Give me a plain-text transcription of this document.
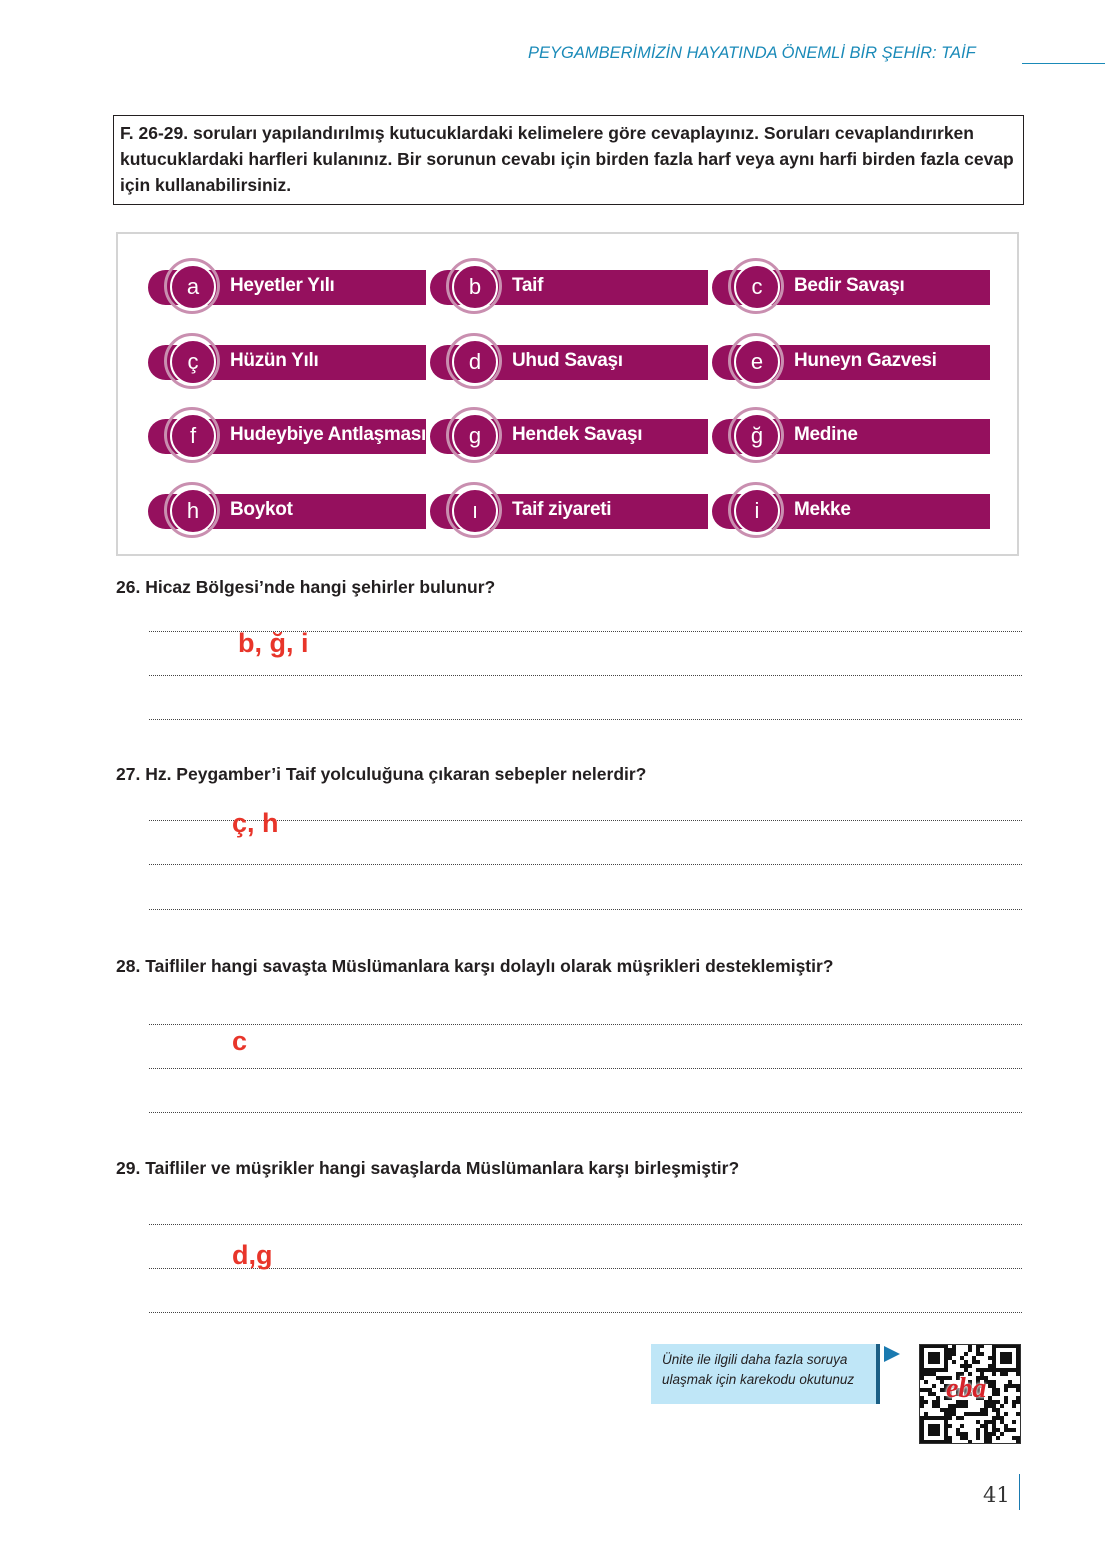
PEYGAMBERİMİZİN HAYATINDA ÖNEMLİ BİR ŞEHİR: TAİF
F. 26-29. soruları yapılandırılmış kutucuklardaki kelimelere göre cevaplayınız. Soruları cevaplandırırken kutucuklardaki harfleri kulanınız. Bir sorunun cevabı için birden fazla harf veya aynı harfi birden fazla cevap için kullanabilirsiniz.
a	Heyetler Yılı	b	Taif	c	Bedir Savaşı
ç	Hüzün Yılı	d	Uhud Savaşı	e	Huneyn Gazvesi
f	Hudeybiye Antlaşması	g	Hendek Savaşı	ğ	Medine
h	Boykot	ı	Taif ziyareti	i	Mekke
26. Hicaz Bölgesi’nde hangi şehirler bulunur?
b, ğ, i
27. Hz. Peygamber’i Taif yolculuğuna çıkaran sebepler nelerdir?
ç, h
28. Taifliler hangi savaşta Müslümanlara karşı dolaylı olarak müşrikleri desteklemiştir?
c
29. Taifliler ve müşrikler hangi savaşlarda Müslümanlara karşı birleşmiştir?
d,g
Ünite ile ilgili daha fazla soruya
ulaşmak için karekodu okutunuz	eba
41
